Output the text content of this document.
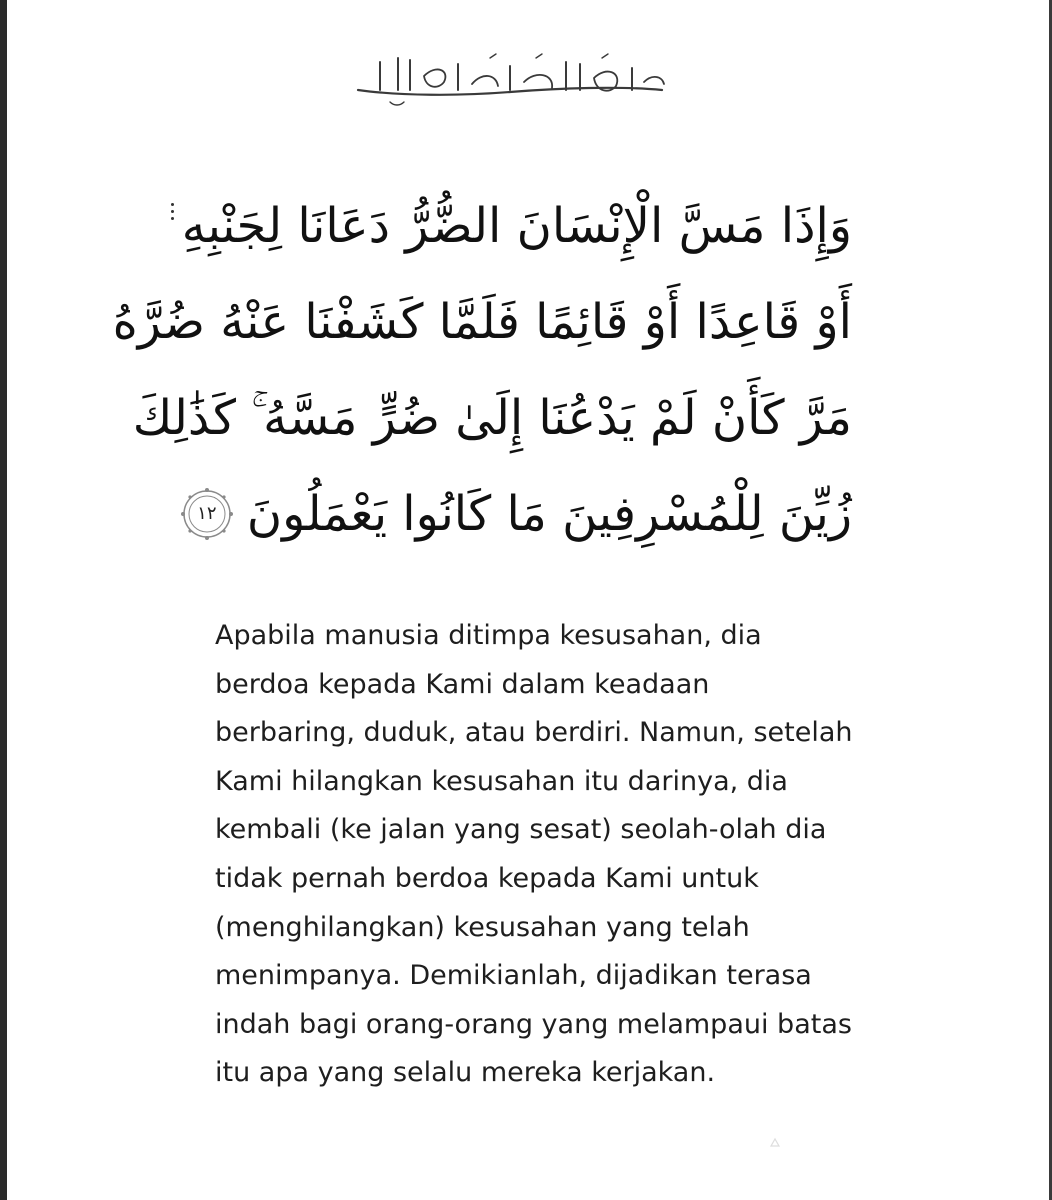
بِسْمِ ٱللَّهِ ٱلرَّحْمَٰنِ ٱلرَّحِيمِ
وَإِذَا مَسَّ الْإِنْسَانَ الضُّرُّ دَعَانَا لِجَنْبِهِ
أَوْ قَاعِدًا أَوْ قَائِمًا فَلَمَّا كَشَفْنَا عَنْهُ ضُرَّهُ
مَرَّ كَأَنْ لَمْ يَدْعُنَا إِلَىٰ ضُرٍّ مَسَّهُ ۚ كَذَٰلِكَ
زُيِّنَ لِلْمُسْرِفِينَ مَا كَانُوا يَعْمَلُونَ
١٢

Apabila manusia ditimpa kesusahan, dia berdoa kepada Kami dalam keadaan berbaring, duduk, atau berdiri. Namun, setelah Kami hilangkan kesusahan itu darinya, dia kembali (ke jalan yang sesat) seolah-olah dia tidak pernah berdoa kepada Kami untuk (menghilangkan) kesusahan yang telah menimpanya. Demikianlah, dijadikan terasa indah bagi orang-orang yang melampaui batas itu apa yang selalu mereka kerjakan.
